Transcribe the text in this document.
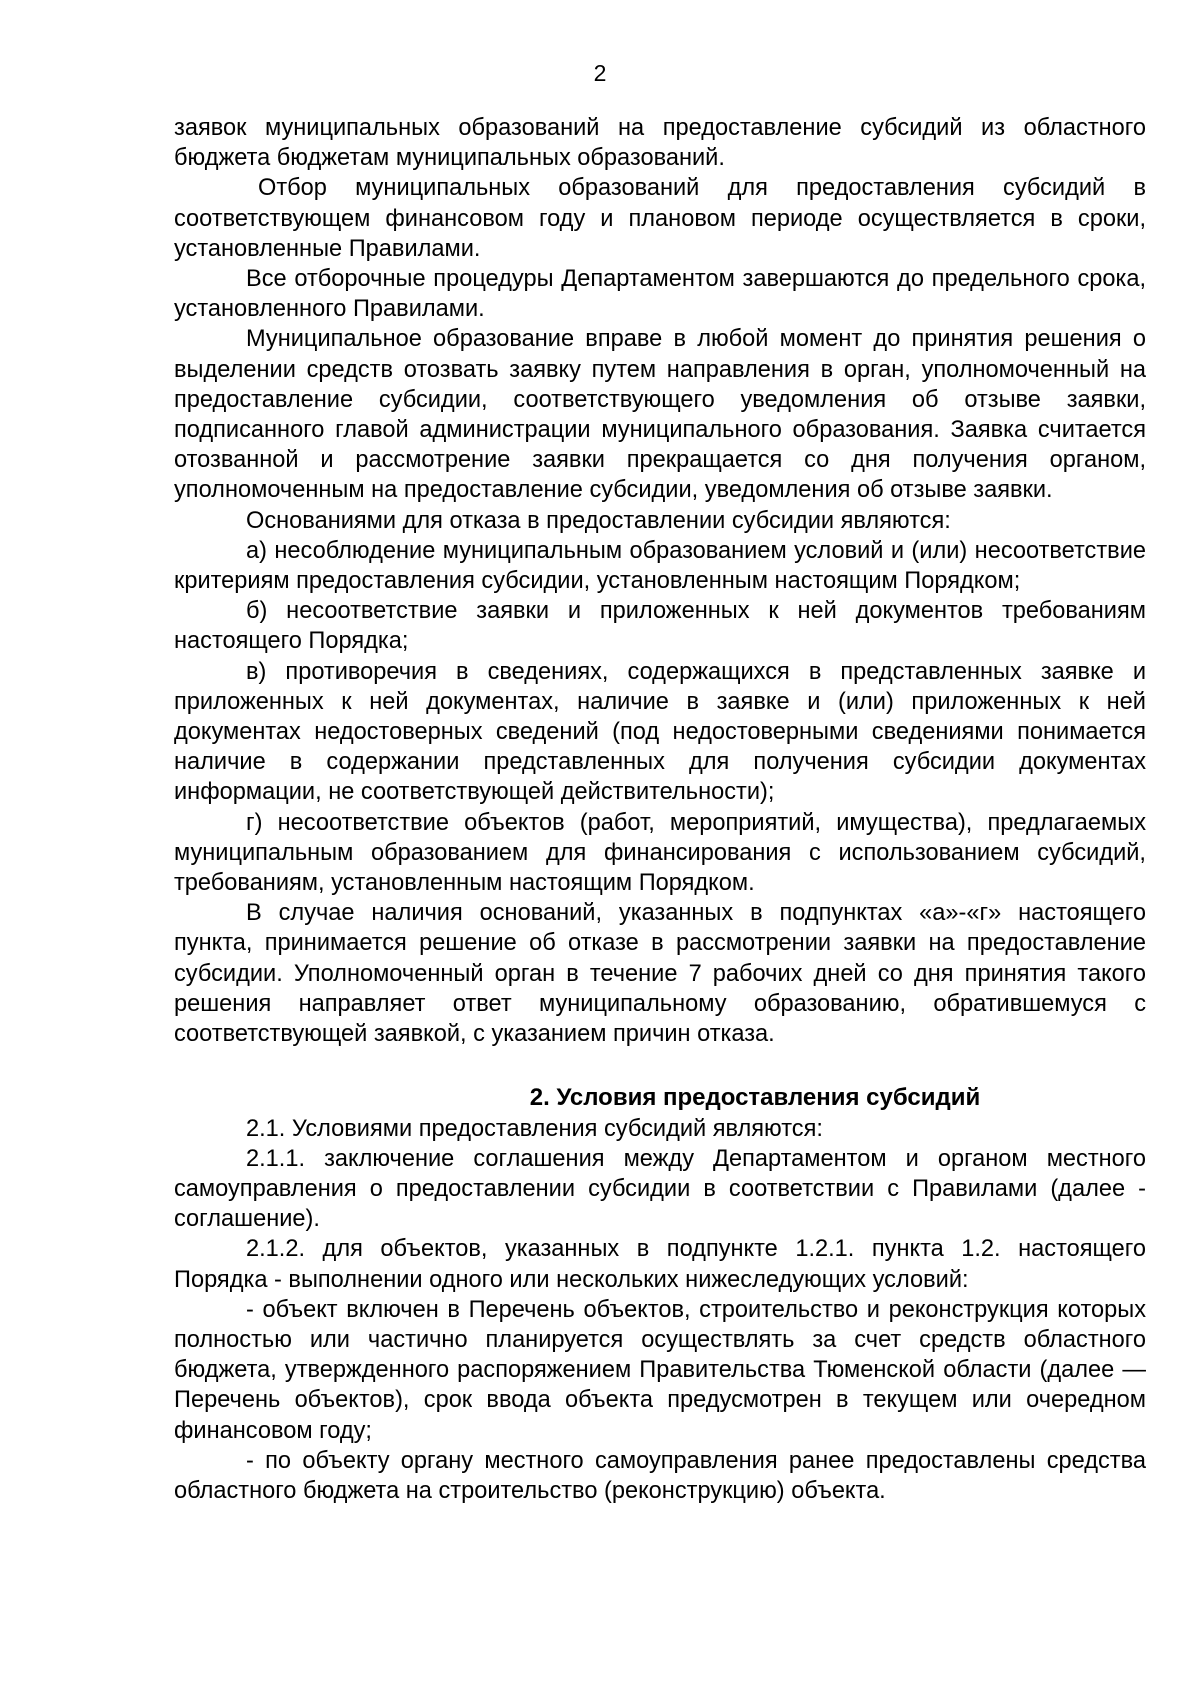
2

заявок муниципальных образований на предоставление субсидий из областного бюджета бюджетам муниципальных образований.

Отбор муниципальных образований для предоставления субсидий в соответствующем финансовом году и плановом периоде осуществляется в сроки, установленные Правилами.

Все отборочные процедуры Департаментом завершаются до предельного срока, установленного Правилами.

Муниципальное образование вправе в любой момент до принятия решения о выделении средств отозвать заявку путем направления в орган, уполномоченный на предоставление субсидии, соответствующего уведомления об отзыве заявки, подписанного главой администрации муниципального образования. Заявка считается отозванной и рассмотрение заявки прекращается со дня получения органом, уполномоченным на предоставление субсидии, уведомления об отзыве заявки.

Основаниями для отказа в предоставлении субсидии являются:

а) несоблюдение муниципальным образованием условий и (или) несоответствие критериям предоставления субсидии, установленным настоящим Порядком;

б) несоответствие заявки и приложенных к ней документов требованиям настоящего Порядка;

в) противоречия в сведениях, содержащихся в представленных заявке и приложенных к ней документах, наличие в заявке и (или) приложенных к ней документах недостоверных сведений (под недостоверными сведениями понимается наличие в содержании представленных для получения субсидии документах информации, не соответствующей действительности);

г) несоответствие объектов (работ, мероприятий, имущества), предлагаемых муниципальным образованием для финансирования с использованием субсидий, требованиям, установленным настоящим Порядком.

В случае наличия оснований, указанных в подпунктах «а»-«г» настоящего пункта, принимается решение об отказе в рассмотрении заявки на предоставление субсидии. Уполномоченный орган в течение 7 рабочих дней со дня принятия такого решения направляет ответ муниципальному образованию, обратившемуся с соответствующей заявкой, с указанием причин отказа.

2. Условия предоставления субсидий

2.1. Условиями предоставления субсидий являются:

2.1.1. заключение соглашения между Департаментом и органом местного самоуправления о предоставлении субсидии в соответствии с Правилами (далее - соглашение).

2.1.2. для объектов, указанных в подпункте 1.2.1. пункта 1.2. настоящего Порядка - выполнении одного или нескольких нижеследующих условий:

- объект включен в Перечень объектов, строительство и реконструкция которых полностью или частично планируется осуществлять за счет средств областного бюджета, утвержденного распоряжением Правительства Тюменской области (далее — Перечень объектов), срок ввода объекта предусмотрен в текущем или очередном финансовом году;

- по объекту органу местного самоуправления ранее предоставлены средства областного бюджета на строительство (реконструкцию) объекта.
